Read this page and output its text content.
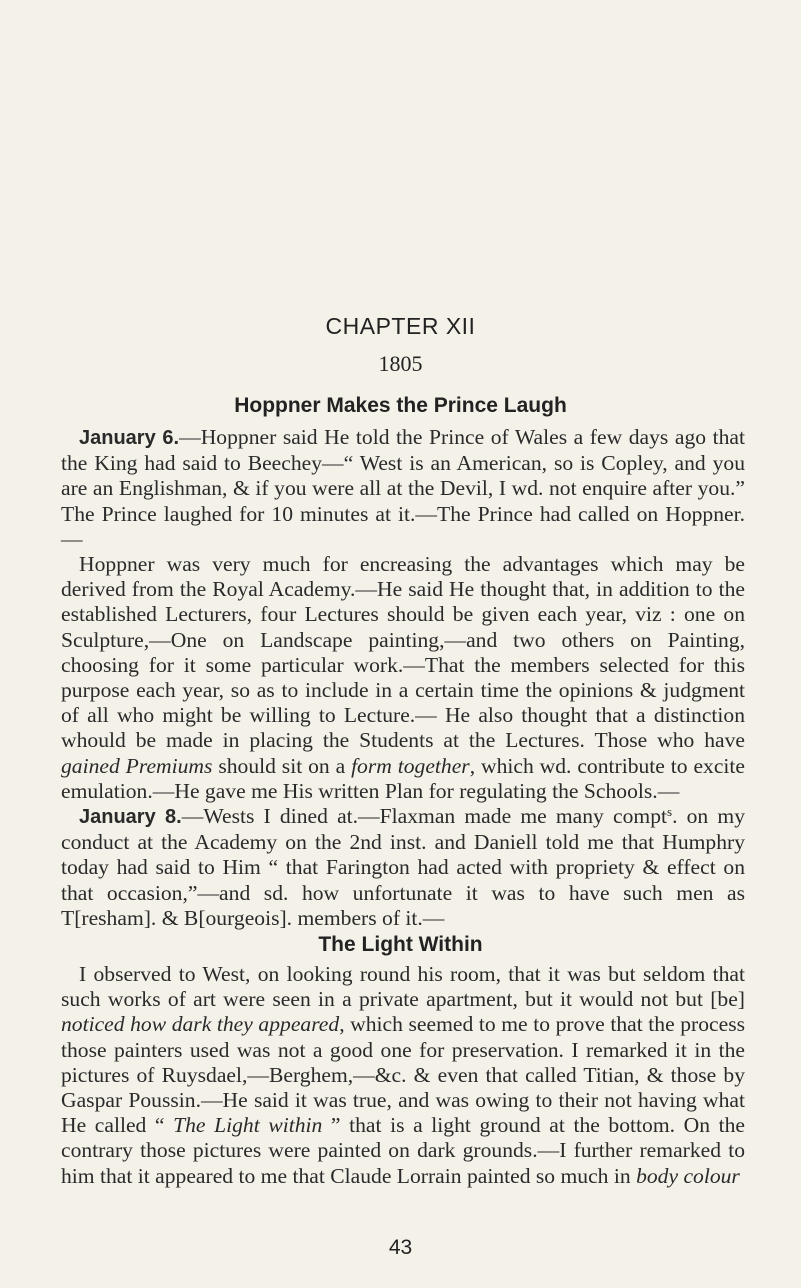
CHAPTER XII
1805
Hoppner Makes the Prince Laugh

January 6.—Hoppner said He told the Prince of Wales a few days ago that the King had said to Beechey—“ West is an American, so is Copley, and you are an Englishman, & if you were all at the Devil, I wd. not enquire after you.” The Prince laughed for 10 minutes at it.—The Prince had called on Hoppner.—

Hoppner was very much for encreasing the advantages which may be derived from the Royal Academy.—He said He thought that, in addition to the established Lecturers, four Lectures should be given each year, viz : one on Sculpture,—One on Landscape painting,—and two others on Painting, choosing for it some particular work.—That the members selected for this purpose each year, so as to include in a certain time the opinions & judgment of all who might be willing to Lecture.— He also thought that a distinction whould be made in placing the Students at the Lectures. Those who have gained Premiums should sit on a form together, which wd. contribute to excite emulation.—He gave me His written Plan for regulating the Schools.—

January 8.—Wests I dined at.—Flaxman made me many compt$^s$. on my conduct at the Academy on the 2nd inst. and Daniell told me that Humphry today had said to Him “ that Farington had acted with propriety & effect on that occasion,”—and sd. how unfortunate it was to have such men as T[resham]. & B[ourgeois]. members of it.—

The Light Within

I observed to West, on looking round his room, that it was but seldom that such works of art were seen in a private apartment, but it would not but [be] noticed how dark they appeared, which seemed to me to prove that the process those painters used was not a good one for preservation. I remarked it in the pictures of Ruysdael,—Berghem,—&c. & even that called Titian, & those by Gaspar Poussin.—He said it was true, and was owing to their not having what He called “ The Light within ” that is a light ground at the bottom. On the contrary those pictures were painted on dark grounds.—I further remarked to him that it appeared to me that Claude Lorrain painted so much in body colour

43
